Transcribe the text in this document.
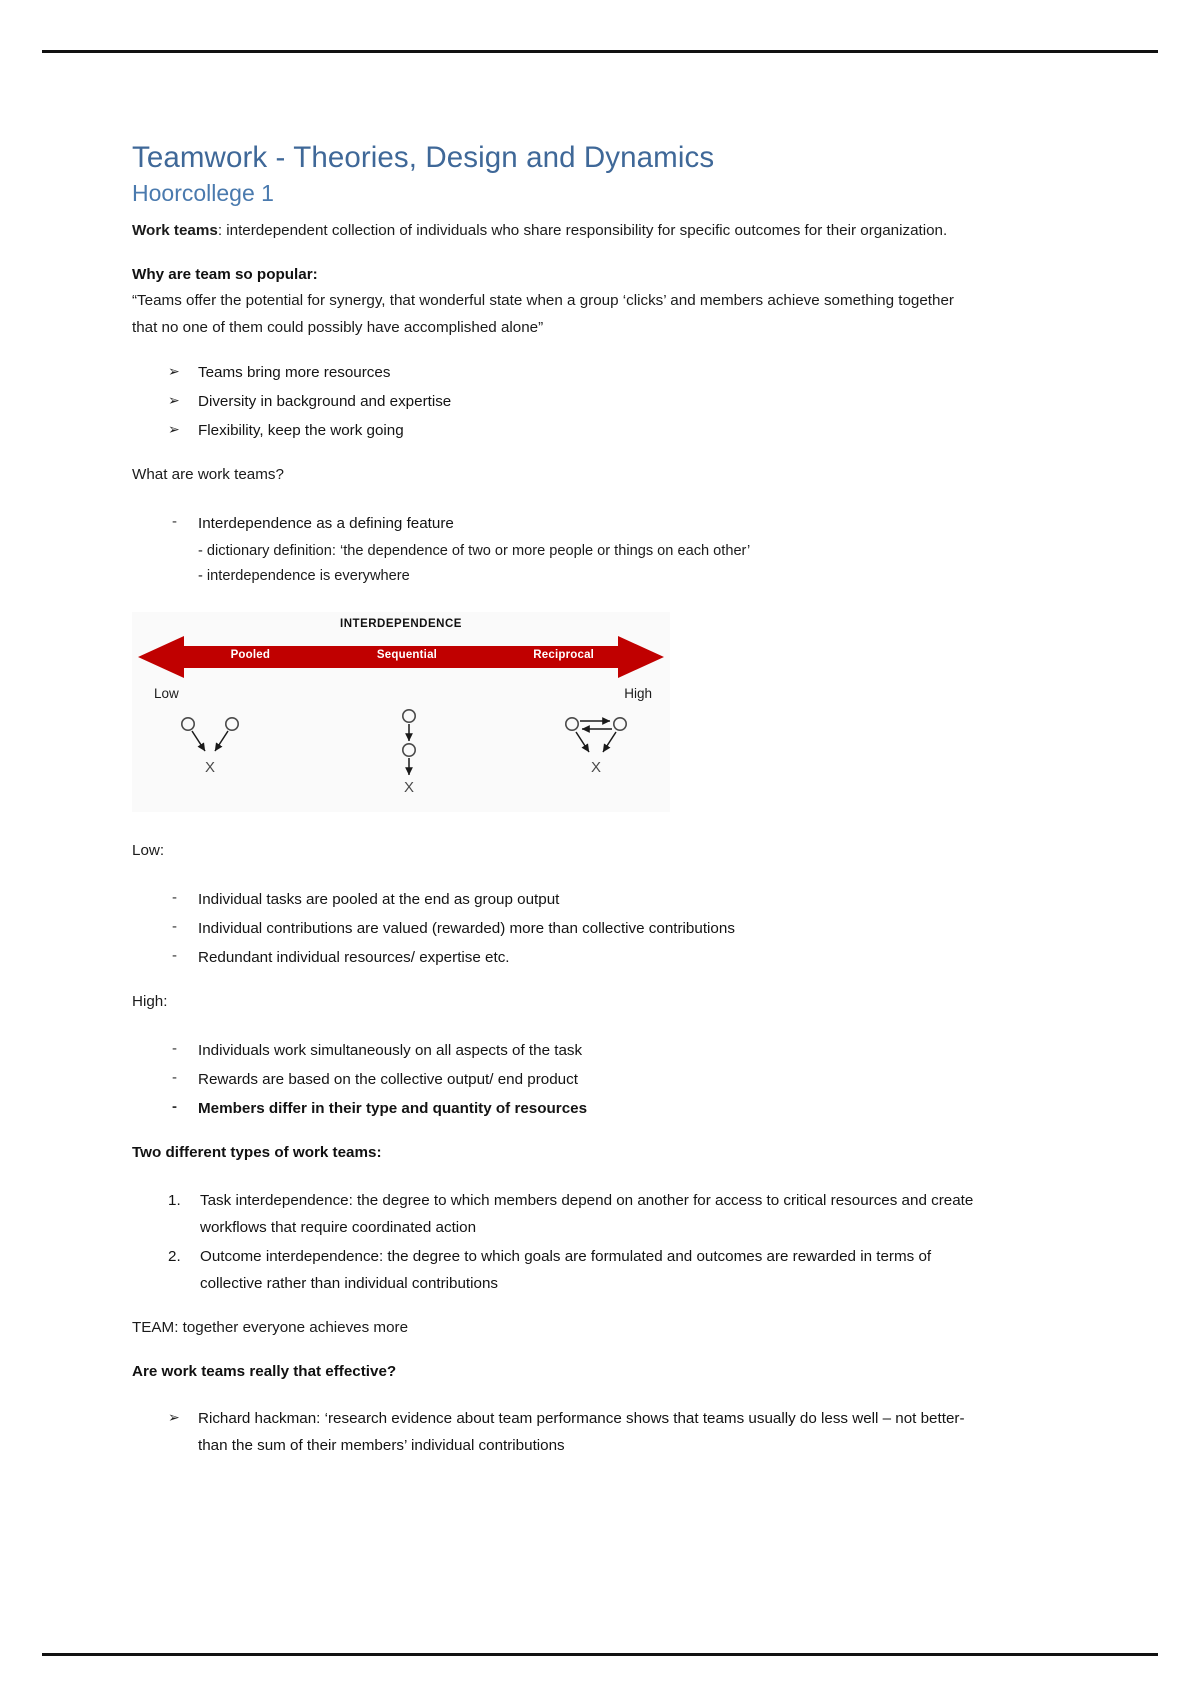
Teamwork - Theories, Design and Dynamics
Hoorcollege 1

Work teams: interdependent collection of individuals who share responsibility for specific outcomes for their organization.

Why are team so popular:

“Teams offer the potential for synergy, that wonderful state when a group ‘clicks’ and members achieve something together that no one of them could possibly have accomplished alone”

➢ Teams bring more resources
➢ Diversity in background and expertise
➢ Flexibility, keep the work going

What are work teams?

- Interdependence as a defining feature
- dictionary definition: ‘the dependence of two or more people or things on each other’
- interdependence is everywhere
INTERDEPENDENCE
Pooled	Sequential	Reciprocal
Low	High
X
X
X

Low:

- Individual tasks are pooled at the end as group output
- Individual contributions are valued (rewarded) more than collective contributions
- Redundant individual resources/ expertise etc.

High:

- Individuals work simultaneously on all aspects of the task
- Rewards are based on the collective output/ end product
- Members differ in their type and quantity of resources

Two different types of work teams:

1. Task interdependence: the degree to which members depend on another for access to critical resources and create workflows that require coordinated action
2. Outcome interdependence: the degree to which goals are formulated and outcomes are rewarded in terms of collective rather than individual contributions

TEAM: together everyone achieves more

Are work teams really that effective?

➢ Richard hackman: ‘research evidence about team performance shows that teams usually do less well – not better- than the sum of their members’ individual contributions
